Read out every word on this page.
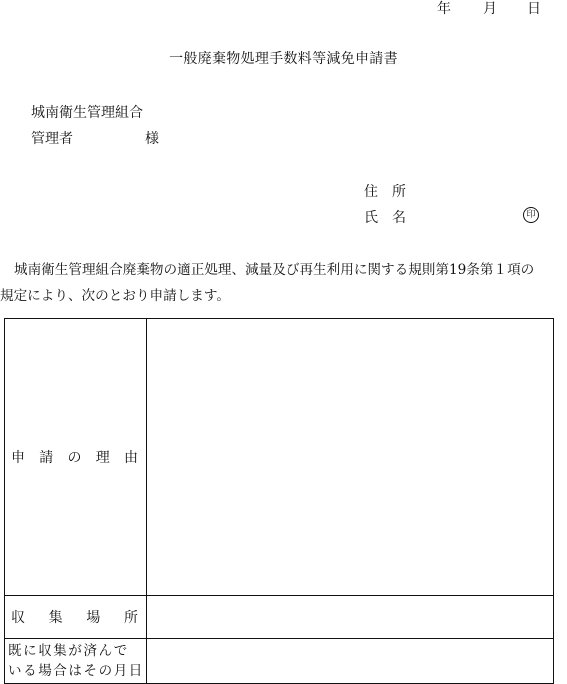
年 月 日
一般廃棄物処理手数料等減免申請書
城南衛生管理組合
管理者	様
住所
氏名	印
城南衛生管理組合廃棄物の適正処理、減量及び再生利用に関する規則第19条第１項の
規定により、次のとおり申請します。
申 請 の 理 由	

収 集 場 所	

既に収集が済んで
いる場合はその月日	
